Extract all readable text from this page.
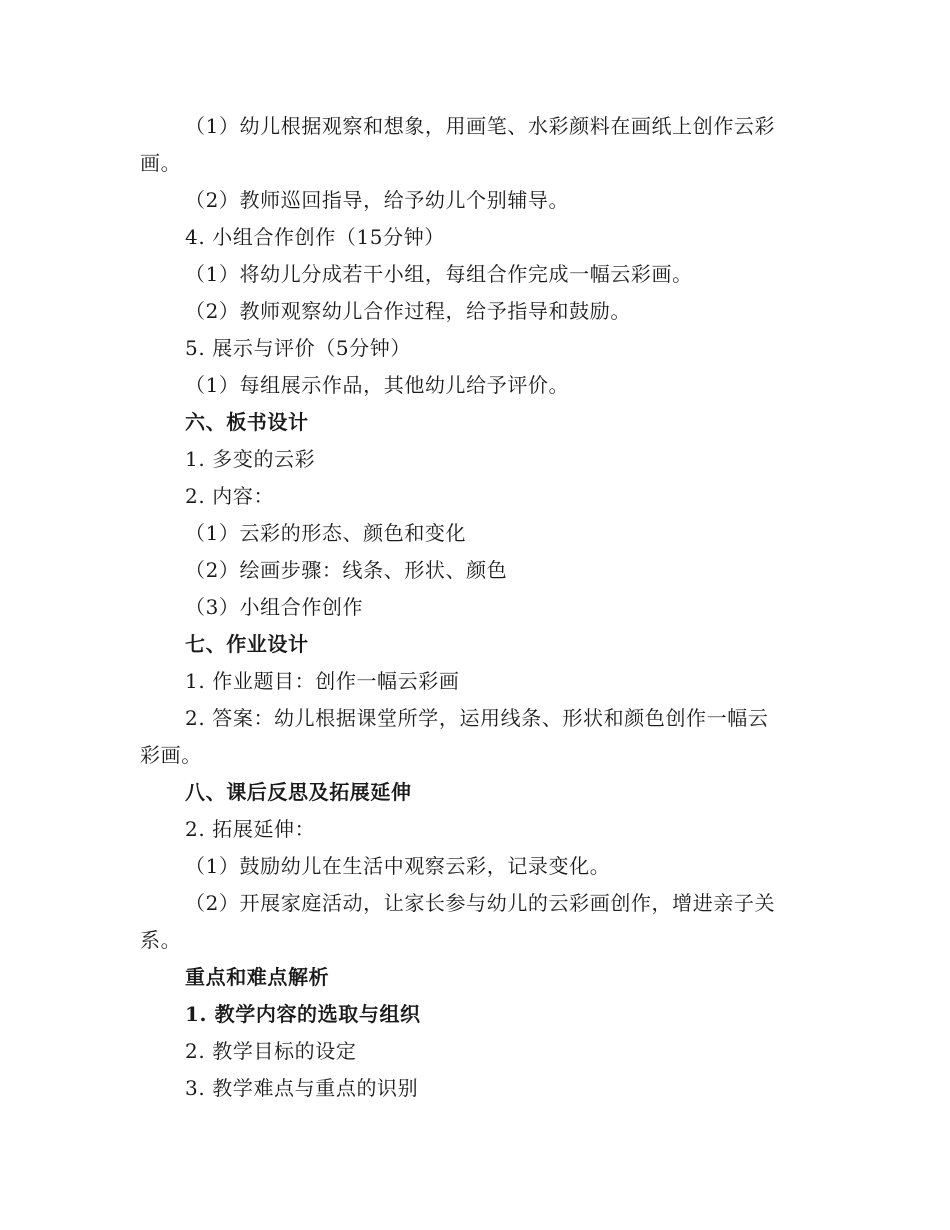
（1）幼儿根据观察和想象，用画笔、水彩颜料在画纸上创作云彩
画。
（2）教师巡回指导，给予幼儿个别辅导。
4. 小组合作创作（15分钟）
（1）将幼儿分成若干小组，每组合作完成一幅云彩画。
（2）教师观察幼儿合作过程，给予指导和鼓励。
5. 展示与评价（5分钟）
（1）每组展示作品，其他幼儿给予评价。
六、板书设计
1. 多变的云彩
2. 内容：
（1）云彩的形态、颜色和变化
（2）绘画步骤：线条、形状、颜色
（3）小组合作创作
七、作业设计
1. 作业题目：创作一幅云彩画
2. 答案：幼儿根据课堂所学，运用线条、形状和颜色创作一幅云
彩画。
八、课后反思及拓展延伸
2. 拓展延伸：
（1）鼓励幼儿在生活中观察云彩，记录变化。
（2）开展家庭活动，让家长参与幼儿的云彩画创作，增进亲子关
系。
重点和难点解析
1. 教学内容的选取与组织
2. 教学目标的设定
3. 教学难点与重点的识别
